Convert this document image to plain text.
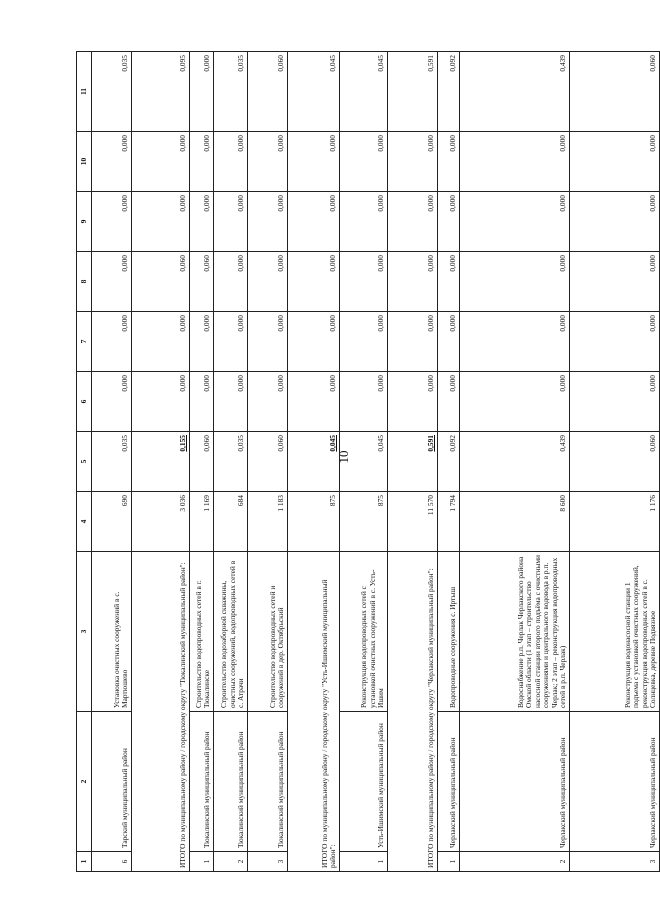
10
1	2	3	4	5	6	7	8	9	10	11
6	Тарский муниципальный район	Установка очистных сооружений в с. Мартюшево	690	0,035	0,000	0,000	0,000	0,000	0,000	0,035
ИТОГО по муниципальному району / городскому округу "Тюкалинский муниципальный район":			3 036	0,155	0,000	0,000	0,060	0,000	0,000	0,095
1	Тюкалинский муниципальный район	Строительство водопроводных сетей в г. Тюкалинске	1 169	0,060	0,000	0,000	0,060	0,000	0,000	0,000
2	Тюкалинский муниципальный район	Строительство водозаборной скважины, очистных сооружений, водопроводных сетей в с. Атрачи	684	0,035	0,000	0,000	0,000	0,000	0,000	0,035
3	Тюкалинский муниципальный район	Строительство водопроводных сетей и сооружений в дер. Октябрьский	1 183	0,060	0,000	0,000	0,000	0,000	0,000	0,060
ИТОГО по муниципальному району / городскому округу "Усть-Ишимский муниципальный район":			875	0,045	0,000	0,000	0,000	0,000	0,000	0,045
1	Усть-Ишимский муниципальный район	Реконструкция водопроводных сетей с установкой очистных сооружений в с. Усть-Ишим	875	0,045	0,000	0,000	0,000	0,000	0,000	0,045
ИТОГО по муниципальному району / городскому округу "Черлакский муниципальный район":			11 570	0,591	0,000	0,000	0,000	0,000	0,000	0,591
1	Черлакский муниципальный район	Водопроводные сооружения с. Иртыш	1 794	0,092	0,000	0,000	0,000	0,000	0,000	0,092
2	Черлакский муниципальный район	Водоснабжение р.п. Черлак Черлакского района Омской области (1 этап – строительство насосной станции второго подъёма с очистными сооружениями и центрального водовода в р.п. Черлак; 2 этап – реконструкция водопроводных сетей в р.п. Черлак)	8 600	0,439	0,000	0,000	0,000	0,000	0,000	0,439
3	Черлакский муниципальный район	Реконструкция водонасосной станции 1 подъема с установкой очистных сооружений, реконструкция водопроводных сетей в с. Солнцевка, деревне Подвязное	1 176	0,060	0,000	0,000	0,000	0,000	0,000	0,060
